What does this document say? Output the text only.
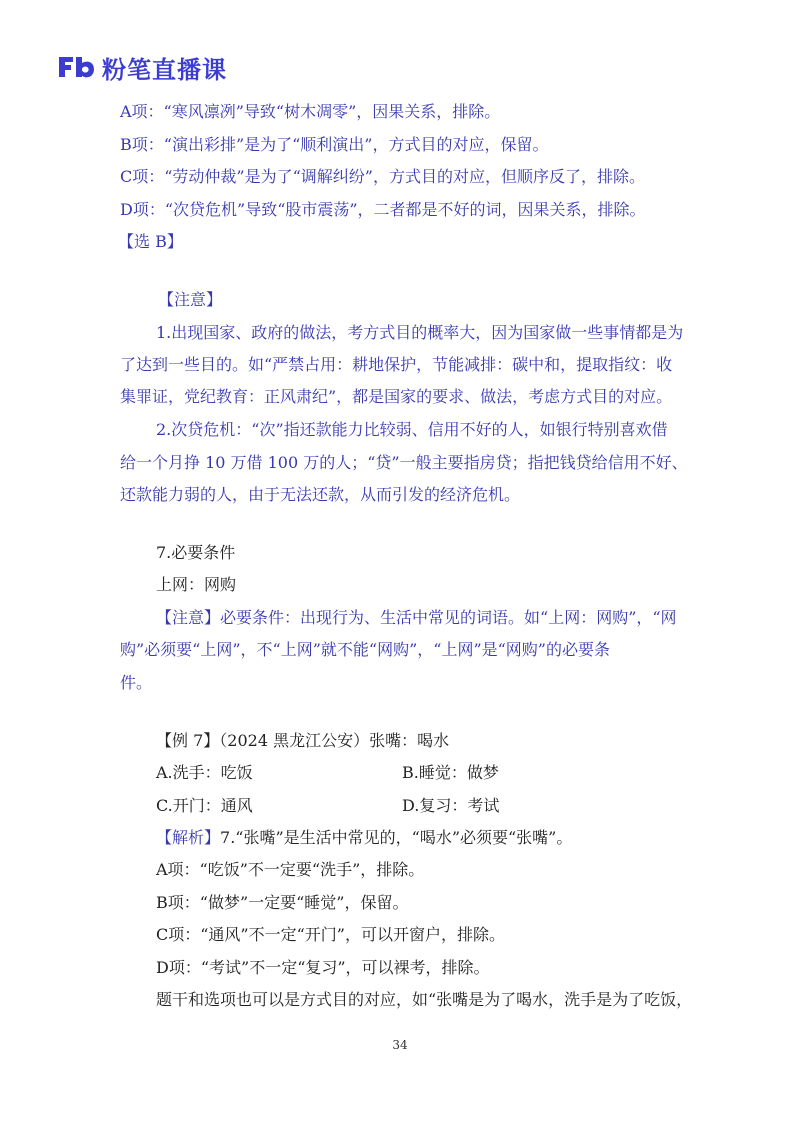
粉笔直播课
A项：“寒风凛冽”导致“树木凋零”，因果关系，排除。
B项：“演出彩排”是为了“顺利演出”，方式目的对应，保留。
C项：“劳动仲裁”是为了“调解纠纷”，方式目的对应，但顺序反了，排除。
D项：“次贷危机”导致“股市震荡”，二者都是不好的词，因果关系，排除。
【选 B】
【注意】
1.出现国家、政府的做法，考方式目的概率大，因为国家做一些事情都是为
了达到一些目的。如“严禁占用：耕地保护，节能减排：碳中和，提取指纹：收
集罪证，党纪教育：正风肃纪”，都是国家的要求、做法，考虑方式目的对应。
2.次贷危机：“次”指还款能力比较弱、信用不好的人，如银行特别喜欢借
给一个月挣 10 万借 100 万的人；“贷”一般主要指房贷；指把钱贷给信用不好、
还款能力弱的人，由于无法还款，从而引发的经济危机。
7.必要条件
上网：网购
【注意】必要条件：出现行为、生活中常见的词语。如“上网：网购”，“网
购”必须要“上网”，不“上网”就不能“网购”，“上网”是“网购”的必要条
件。
【例 7】（2024 黑龙江公安）张嘴：喝水
A.洗手：吃饭	B.睡觉：做梦
C.开门：通风	D.复习：考试
【解析】7.“张嘴”是生活中常见的，“喝水”必须要“张嘴”。
A项：“吃饭”不一定要“洗手”，排除。
B项：“做梦”一定要“睡觉”，保留。
C项：“通风”不一定“开门”，可以开窗户，排除。
D项：“考试”不一定“复习”，可以裸考，排除。
题干和选项也可以是方式目的对应，如“张嘴是为了喝水，洗手是为了吃饭，
34
